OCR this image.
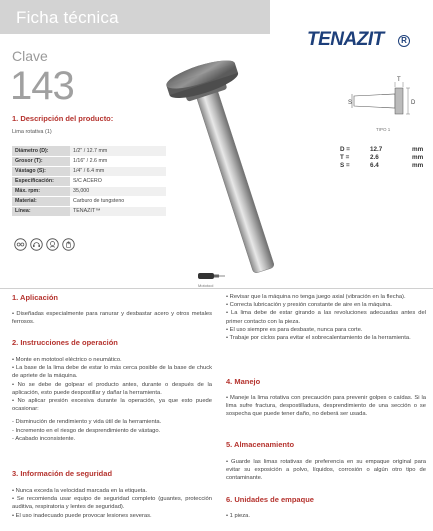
Ficha técnica
TENAZIT	R
Clave
143
1. Descripción del producto:
Lima rotativa (1)
Diámetro (D):	1/2" / 12.7 mm
Grosor (T):	1/16" / 2.6 mm
Vástago (S):	1/4" / 6.4 mm
Especificación:	S/C ACERO
Máx. rpm:	35,000
Material:	Carburo de tungsteno
Línea:	TENAZIT™
T
S	D
TIPO 1
D =	12.7	mm
T =	2.6	mm
S =	6.4	mm
Mototool
1. Aplicación

• Diseñadas especialmente para ranurar y desbastar acero y otros metales ferrosos.

2. Instrucciones de operación

• Monte en mototool eléctrico o neumático.

• La base de la lima debe de estar lo más cerca posible de la base de chuck de apriete de la máquina.

• No se debe de golpear el producto antes, durante o después de la aplicación, esto puede despostillar y dañar la herramienta.

• No aplicar presión excesiva durante la operación, ya que esto puede ocasionar:

- Disminución de rendimiento y vida útil de la herramienta.

- Incremento en el riesgo de desprendimiento de vástago.

- Acabado inconsistente.

3. Información de seguridad

• Nunca exceda la velocidad marcada en la etiqueta.

• Se recomienda usar equipo de seguridad completo (guantes, protección auditiva, respiratoria y lentes de seguridad).

• El uso inadecuado puede provocar lesiones severas.

• Revisar que la máquina no tenga juego axial (vibración en la flecha).

• Correcta lubricación y presión constante de aire en la máquina.

• La lima debe de estar girando a las revoluciones adecuadas antes del primer contacto con la pieza.

• El uso siempre es para desbaste, nunca para corte.

• Trabaje por ciclos para evitar el sobrecalentamiento de la herramienta.

4. Manejo

• Maneje la lima rotativa con precaución para prevenir golpes o caídas. Si la lima sufre fractura, despostilladura, desprendimiento de una sección o se sospecha que puede tener daño, no deberá ser usada.

5. Almacenamiento

• Guarde las limas rotativas de preferencia en su empaque original para evitar su exposición a polvo, líquidos, corrosión o algún otro tipo de contaminante.

6. Unidades de empaque

• 1 pieza.
